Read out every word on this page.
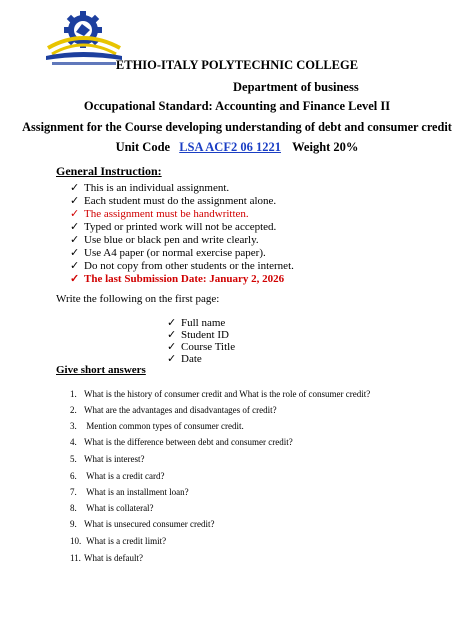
ETHIO-ITALY POLYTECHNIC COLLEGE
Department of business
Occupational Standard: Accounting and Finance Level II
Assignment for the Course developing understanding of debt and consumer credit
Unit Code LSA ACF2 06 1221 Weight 20%
General Instruction:
✓ This is an individual assignment.
✓ Each student must do the assignment alone.
✓ The assignment must be handwritten.
✓ Typed or printed work will not be accepted.
✓ Use blue or black pen and write clearly.
✓ Use A4 paper (or normal exercise paper).
✓ Do not copy from other students or the internet.
✓ The last Submission Date: January 2, 2026
Write the following on the first page:
✓ Full name
✓ Student ID
✓ Course Title
✓ Date
Give short answers
1. What is the history of consumer credit and What is the role of consumer credit?
2. What are the advantages and disadvantages of credit?
3. Mention common types of consumer credit.
4. What is the difference between debt and consumer credit?
5. What is interest?
6. What is a credit card?
7. What is an installment loan?
8. What is collateral?
9. What is unsecured consumer credit?
10. What is a credit limit?
11. What is default?
